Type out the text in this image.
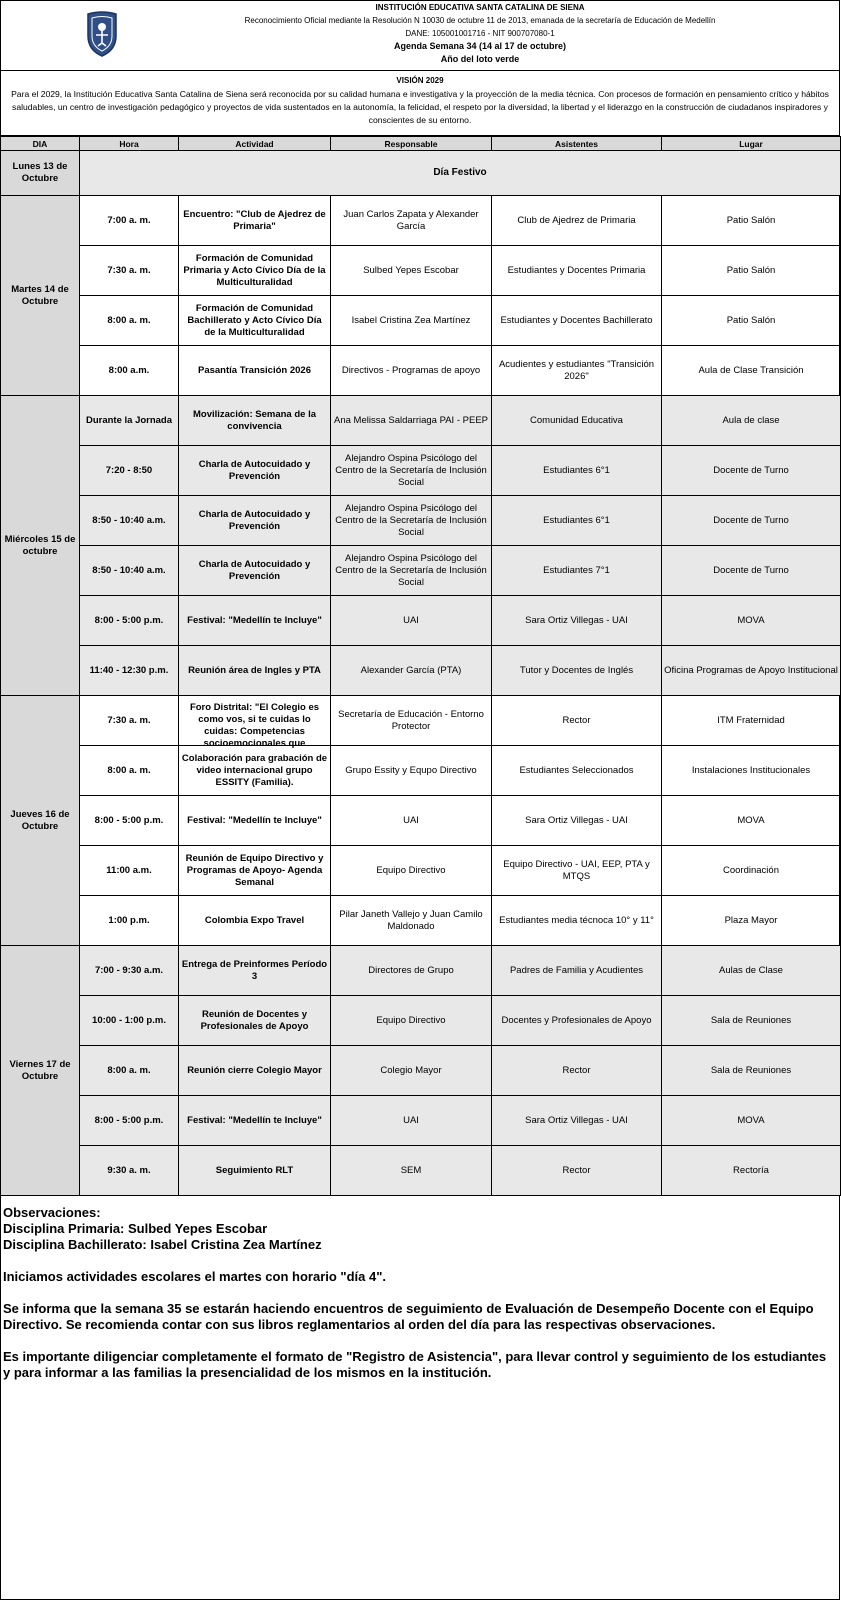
INSTITUCIÓN EDUCATIVA SANTA CATALINA DE SIENA
Reconocimiento Oficial mediante la Resolución N 10030 de octubre 11 de 2013, emanada de la secretaría de Educación de Medellín
DANE: 105001001716 - NIT 900707080-1
Agenda Semana 34 (14 al 17 de octubre)
Año del loto verde
VISIÓN 2029
Para el 2029, la Institución Educativa Santa Catalina de Siena será reconocida por su calidad humana e investigativa y la proyección de la media técnica. Con procesos de formación en pensamiento crítico y hábitos saludables, un centro de investigación pedagógico y proyectos de vida sustentados en la autonomía, la felicidad, el respeto por la diversidad, la libertad y el liderazgo en la construcción de ciudadanos inspiradores y conscientes de su entorno.
DIA	Hora	Actividad	Responsable	Asistentes	Lugar
Lunes 13 de Octubre	Día Festivo				
Martes 14 de Octubre	7:00 a. m.	Encuentro: "Club de Ajedrez de Primaria"	Juan Carlos Zapata y Alexander García	Club de Ajedrez de Primaria	Patio Salón
	7:30 a. m.	Formación de Comunidad Primaria y Acto Cívico Día de la Multiculturalidad	Sulbed Yepes Escobar	Estudiantes y Docentes Primaria	Patio Salón
	8:00 a. m.	Formación de Comunidad Bachillerato y Acto Cívico Día de la Multiculturalidad	Isabel Cristina Zea Martínez	Estudiantes y Docentes Bachillerato	Patio Salón
	8:00 a.m.	Pasantía Transición 2026	Directivos - Programas de apoyo	Acudientes y estudiantes "Transición 2026"	Aula de Clase Transición
Miércoles 15 de octubre	Durante la Jornada	Movilización: Semana de la convivencia	Ana Melissa Saldarriaga PAI - PEEP	Comunidad Educativa	Aula de clase
	7:20 - 8:50	Charla de Autocuidado y Prevención	Alejandro Ospina Psicólogo del Centro de la Secretaría de Inclusión Social	Estudiantes 6°1	Docente de Turno
	8:50 - 10:40 a.m.	Charla de Autocuidado y Prevención	Alejandro Ospina Psicólogo del Centro de la Secretaría de Inclusión Social	Estudiantes 6°1	Docente de Turno
	8:50 - 10:40 a.m.	Charla de Autocuidado y Prevención	Alejandro Ospina Psicólogo del Centro de la Secretaría de Inclusión Social	Estudiantes 7°1	Docente de Turno
	8:00 - 5:00 p.m.	Festival: "Medellín te Incluye"	UAI	Sara Ortiz Villegas - UAI	MOVA
	11:40 - 12:30 p.m.	Reunión área de Ingles y PTA	Alexander García (PTA)	Tutor y Docentes de Inglés	Oficina Programas de Apoyo Institucional
Jueves 16 de Octubre	7:30 a. m.	Foro Distrital: "El Colegio es como vos, si te cuidas lo cuidas: Competencias socioemocionales que	Secretaría de Educación - Entorno Protector	Rector	ITM Fraternidad
	8:00 a. m.	Colaboración para grabación de video internacional grupo ESSITY (Familia).	Grupo Essity y Equpo Directivo	Estudiantes Seleccionados	Instalaciones Institucionales
	8:00 - 5:00 p.m.	Festival: "Medellín te Incluye"	UAI	Sara Ortiz Villegas - UAI	MOVA
	11:00 a.m.	Reunión de Equipo Directivo y Programas de Apoyo- Agenda Semanal	Equipo Directivo	Equipo Directivo - UAI, EEP, PTA y MTQS	Coordinación
	1:00 p.m.	Colombia Expo Travel	Pilar Janeth Vallejo y Juan Camilo Maldonado	Estudiantes media técnoca 10° y 11°	Plaza Mayor
Viernes 17 de Octubre	7:00 - 9:30 a.m.	Entrega de Preinformes Período 3	Directores de Grupo	Padres de Familia y Acudientes	Aulas de Clase
	10:00 - 1:00 p.m.	Reunión de Docentes y Profesionales de Apoyo	Equipo Directivo	Docentes y Profesionales de Apoyo	Sala de Reuniones
	8:00 a. m.	Reunión cierre Colegio Mayor	Colegio Mayor	Rector	Sala de Reuniones
	8:00 - 5:00 p.m.	Festival: "Medellín te Incluye"	UAI	Sara Ortiz Villegas - UAI	MOVA
	9:30 a. m.	Seguimiento RLT	SEM	Rector	Rectoría

Observaciones:

Disciplina Primaria: Sulbed Yepes Escobar

Disciplina Bachillerato: Isabel Cristina Zea Martínez

Iniciamos actividades escolares el martes con horario "día 4".

Se informa que la semana 35 se estarán haciendo encuentros de seguimiento de Evaluación de Desempeño Docente con el Equipo Directivo. Se recomienda contar con sus libros reglamentarios al orden del día para las respectivas observaciones.

Es importante diligenciar completamente el formato de "Registro de Asistencia", para llevar control y seguimiento de los estudiantes y para informar a las familias la presencialidad de los mismos en la institución.
